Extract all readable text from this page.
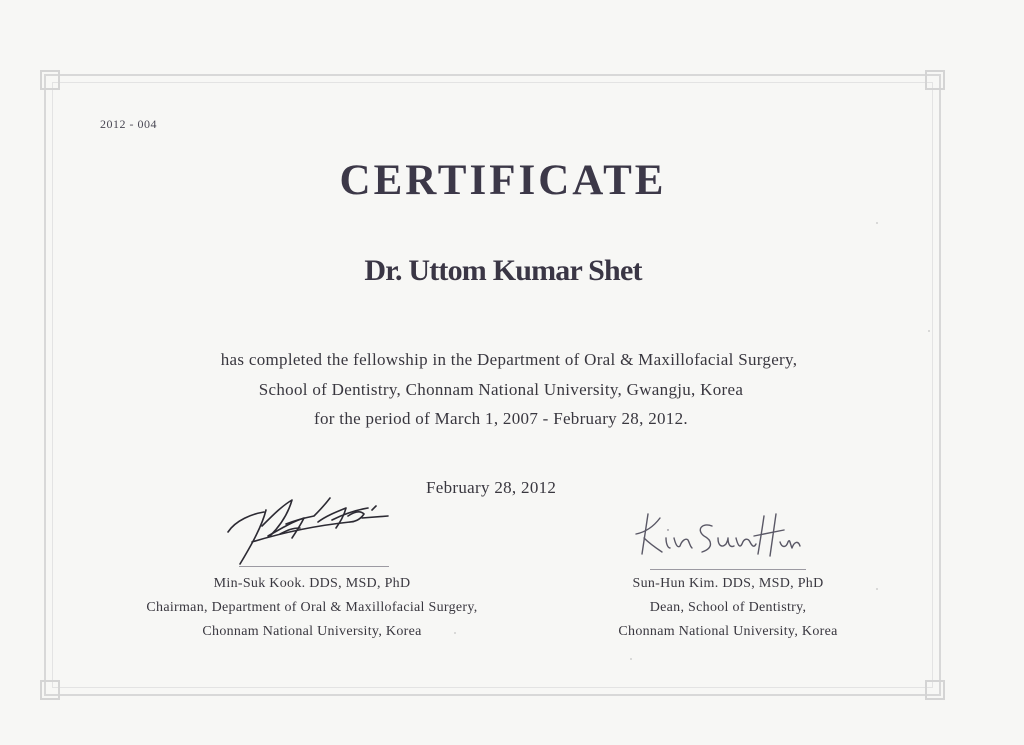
2012 - 004
CERTIFICATE
Dr. Uttom Kumar Shet
has completed the fellowship in the Department of Oral & Maxillofacial Surgery,
School of Dentistry, Chonnam National University, Gwangju, Korea
for the period of March 1, 2007 - February 28, 2012.
February 28, 2012
Min-Suk Kook. DDS, MSD, PhD
Chairman, Department of Oral & Maxillofacial Surgery,
Chonnam National University, Korea
Sun-Hun Kim. DDS, MSD, PhD
Dean, School of Dentistry,
Chonnam National University, Korea
